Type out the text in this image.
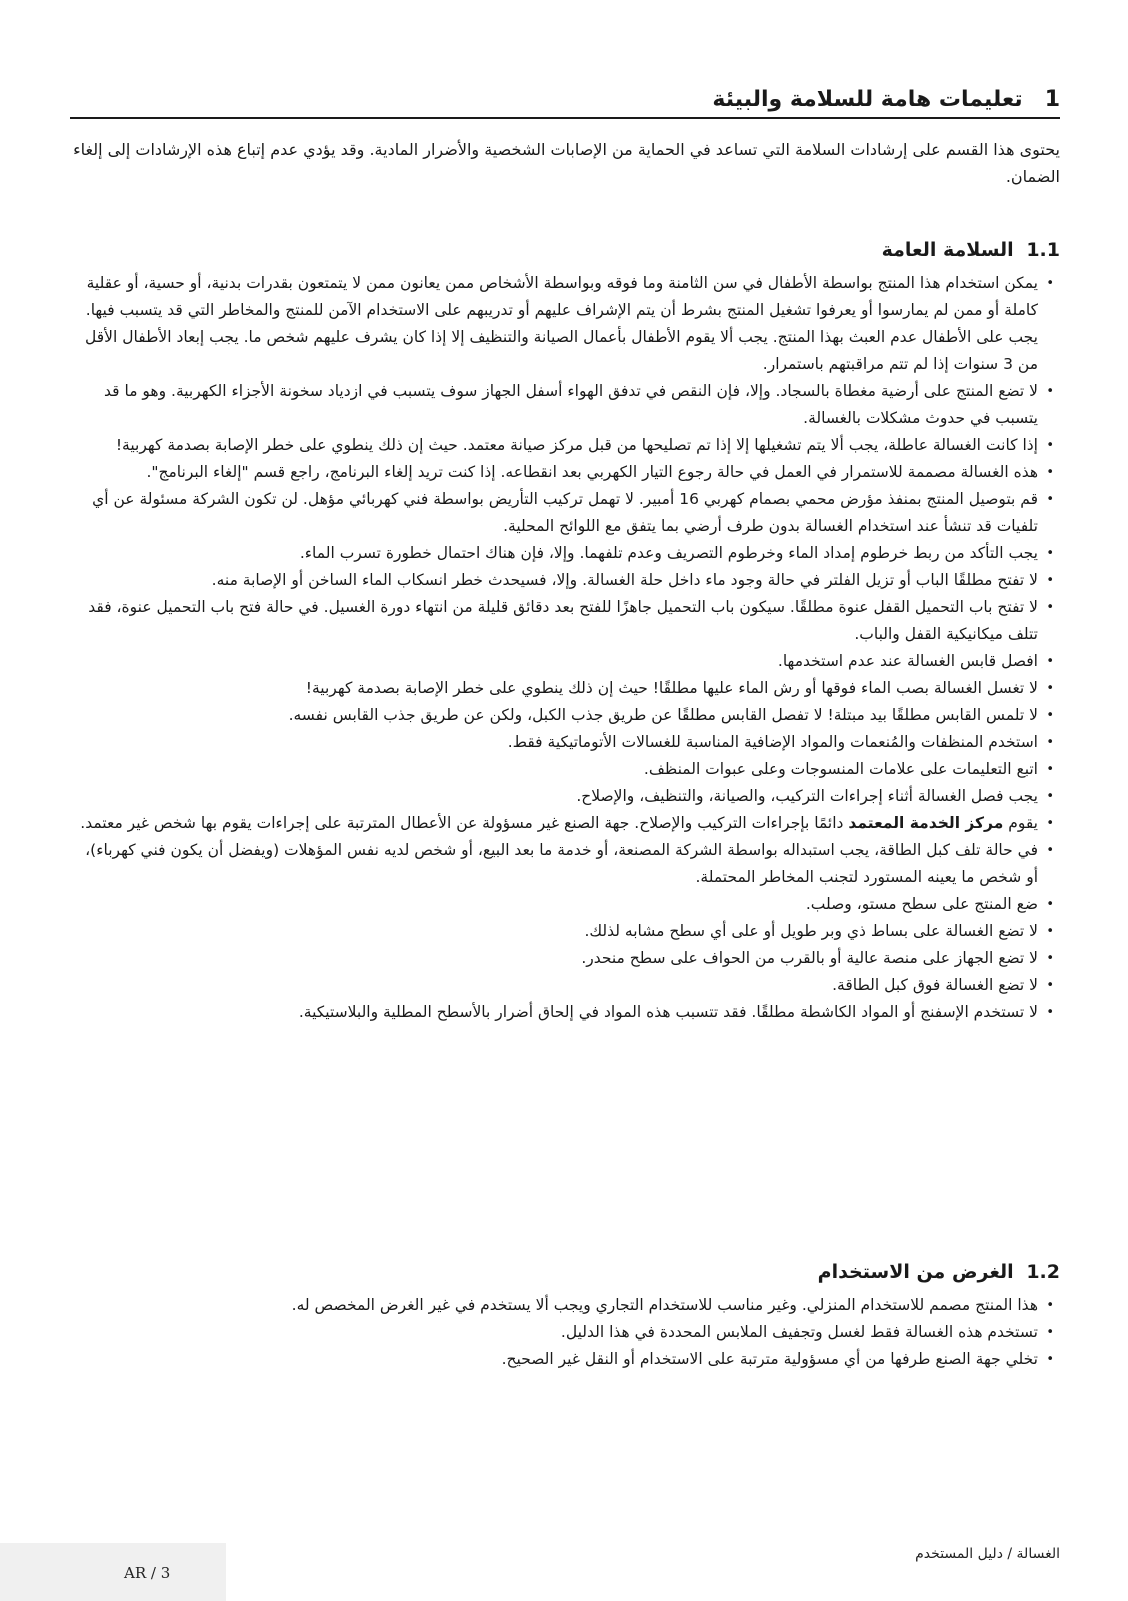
1
تعليمات هامة للسلامة والبيئة

يحتوى هذا القسم على إرشادات السلامة التي تساعد في الحماية من الإصابات الشخصية والأضرار المادية. وقد يؤدي عدم إتباع هذه الإرشادات إلى إلغاء الضمان.

1.1 السلامة العامة
• يمكن استخدام هذا المنتج بواسطة الأطفال في سن الثامنة وما فوقه وبواسطة الأشخاص ممن يعانون ممن لا يتمتعون بقدرات بدنية، أو حسية، أو عقلية كاملة أو ممن لم يمارسوا أو يعرفوا تشغيل المنتج بشرط أن يتم الإشراف عليهم أو تدريبهم على الاستخدام الآمن للمنتج والمخاطر التي قد يتسبب فيها. يجب على الأطفال عدم العبث بهذا المنتج. يجب ألا يقوم الأطفال بأعمال الصيانة والتنظيف إلا إذا كان يشرف عليهم شخص ما. يجب إبعاد الأطفال الأقل من 3 سنوات إذا لم تتم مراقبتهم باستمرار.
• لا تضع المنتج على أرضية مغطاة بالسجاد. وإلا، فإن النقص في تدفق الهواء أسفل الجهاز سوف يتسبب في ازدياد سخونة الأجزاء الكهربية. وهو ما قد يتسبب في حدوث مشكلات بالغسالة.
• إذا كانت الغسالة عاطلة، يجب ألا يتم تشغيلها إلا إذا تم تصليحها من قبل مركز صيانة معتمد. حيث إن ذلك ينطوي على خطر الإصابة بصدمة كهربية!
• هذه الغسالة مصممة للاستمرار في العمل في حالة رجوع التيار الكهربي بعد انقطاعه. إذا كنت تريد إلغاء البرنامج، راجع قسم "إلغاء البرنامج".
• قم بتوصيل المنتج بمنفذ مؤرض محمي بصمام كهربي 16 أمبير. لا تهمل تركيب التأريض بواسطة فني كهربائي مؤهل. لن تكون الشركة مسئولة عن أي تلفيات قد تنشأ عند استخدام الغسالة بدون طرف أرضي بما يتفق مع اللوائح المحلية.
• يجب التأكد من ربط خرطوم إمداد الماء وخرطوم التصريف وعدم تلفهما. وإلا، فإن هناك احتمال خطورة تسرب الماء.
• لا تفتح مطلقًا الباب أو تزيل الفلتر في حالة وجود ماء داخل حلة الغسالة. وإلا، فسيحدث خطر انسكاب الماء الساخن أو الإصابة منه.
• لا تفتح باب التحميل القفل عنوة مطلقًا. سيكون باب التحميل جاهزًا للفتح بعد دقائق قليلة من انتهاء دورة الغسيل. في حالة فتح باب التحميل عنوة، فقد تتلف ميكانيكية القفل والباب.
• افصل قابس الغسالة عند عدم استخدمها.
• لا تغسل الغسالة بصب الماء فوقها أو رش الماء عليها مطلقًا! حيث إن ذلك ينطوي على خطر الإصابة بصدمة كهربية!
• لا تلمس القابس مطلقًا بيد مبتلة! لا تفصل القابس مطلقًا عن طريق جذب الكبل، ولكن عن طريق جذب القابس نفسه.
• استخدم المنظفات والمُنعمات والمواد الإضافية المناسبة للغسالات الأتوماتيكية فقط.
• اتبع التعليمات على علامات المنسوجات وعلى عبوات المنظف.
• يجب فصل الغسالة أثناء إجراءات التركيب، والصيانة، والتنظيف، والإصلاح.
• يقوم مركز الخدمة المعتمد دائمًا بإجراءات التركيب والإصلاح. جهة الصنع غير مسؤولة عن الأعطال المترتبة على إجراءات يقوم بها شخص غير معتمد.
• في حالة تلف كبل الطاقة، يجب استبداله بواسطة الشركة المصنعة، أو خدمة ما بعد البيع، أو شخص لديه نفس المؤهلات (ويفضل أن يكون فني كهرباء)، أو شخص ما يعينه المستورد لتجنب المخاطر المحتملة.
• ضع المنتج على سطح مستو، وصلب.
• لا تضع الغسالة على بساط ذي وبر طويل أو على أي سطح مشابه لذلك.
• لا تضع الجهاز على منصة عالية أو بالقرب من الحواف على سطح منحدر.
• لا تضع الغسالة فوق كبل الطاقة.
• لا تستخدم الإسفنج أو المواد الكاشطة مطلقًا. فقد تتسبب هذه المواد في إلحاق أضرار بالأسطح المطلية والبلاستيكية.
1.2 الغرض من الاستخدام
• هذا المنتج مصمم للاستخدام المنزلي. وغير مناسب للاستخدام التجاري ويجب ألا يستخدم في غير الغرض المخصص له.
• تستخدم هذه الغسالة فقط لغسل وتجفيف الملابس المحددة في هذا الدليل.
• تخلي جهة الصنع طرفها من أي مسؤولية مترتبة على الاستخدام أو النقل غير الصحيح.
AR / 3
الغسالة / دليل المستخدم
